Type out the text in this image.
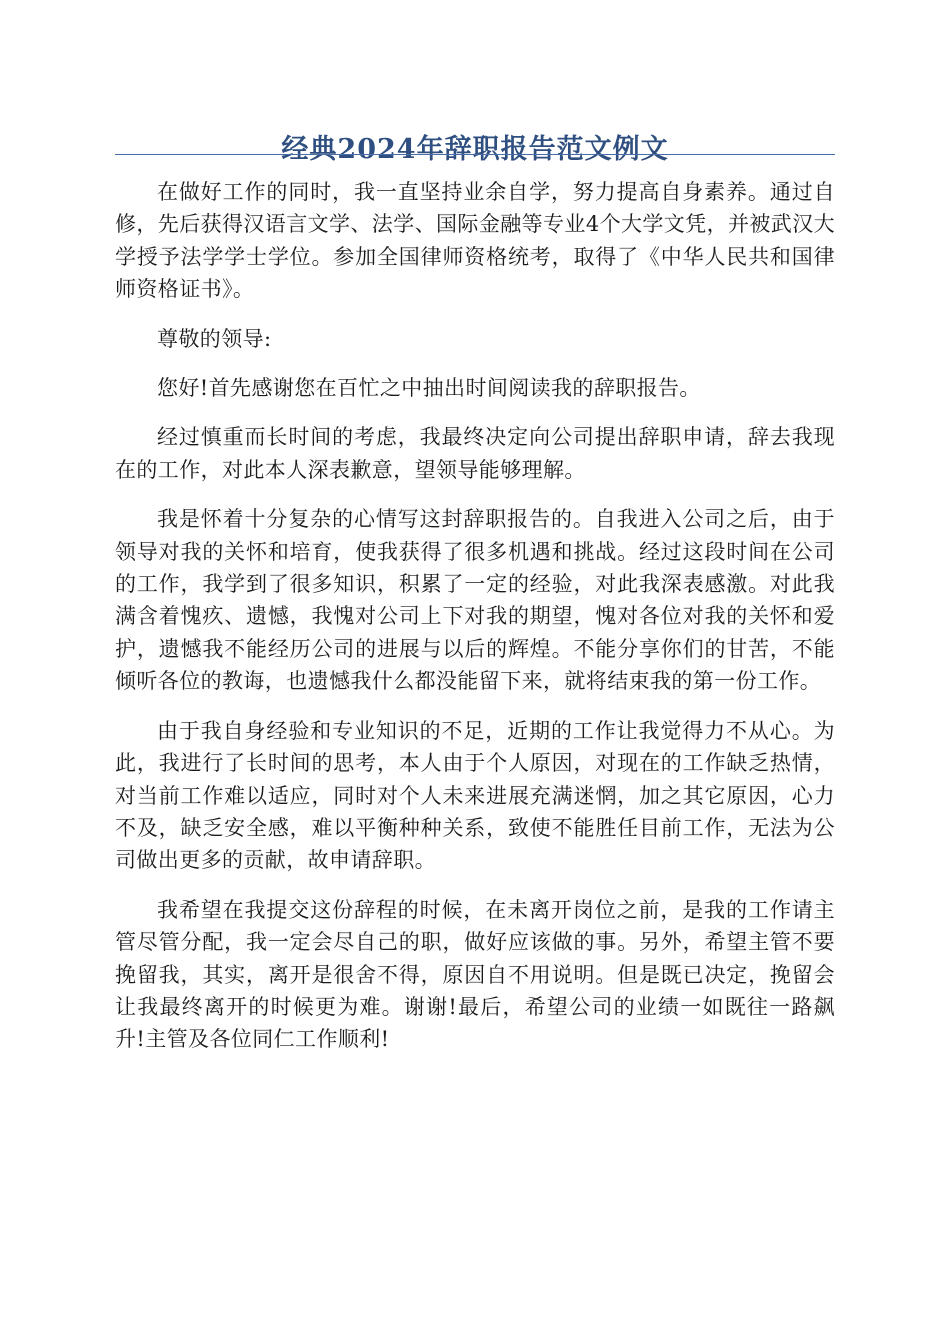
经典2024年辞职报告范文例文

在做好工作的同时，我一直坚持业余自学，努力提高自身素养。通过自修，先后获得汉语言文学、法学、国际金融等专业4个大学文凭，并被武汉大学授予法学学士学位。参加全国律师资格统考，取得了《中华人民共和国律师资格证书》。

尊敬的领导:

您好!首先感谢您在百忙之中抽出时间阅读我的辞职报告。

经过慎重而长时间的考虑，我最终决定向公司提出辞职申请，辞去我现在的工作，对此本人深表歉意，望领导能够理解。

我是怀着十分复杂的心情写这封辞职报告的。自我进入公司之后，由于领导对我的关怀和培育，使我获得了很多机遇和挑战。经过这段时间在公司的工作，我学到了很多知识，积累了一定的经验，对此我深表感激。对此我满含着愧疚、遗憾，我愧对公司上下对我的期望，愧对各位对我的关怀和爱护，遗憾我不能经历公司的进展与以后的辉煌。不能分享你们的甘苦，不能倾听各位的教诲，也遗憾我什么都没能留下来，就将结束我的第一份工作。

由于我自身经验和专业知识的不足，近期的工作让我觉得力不从心。为此，我进行了长时间的思考，本人由于个人原因，对现在的工作缺乏热情，对当前工作难以适应，同时对个人未来进展充满迷惘，加之其它原因，心力不及，缺乏安全感，难以平衡种种关系，致使不能胜任目前工作，无法为公司做出更多的贡献，故申请辞职。

我希望在我提交这份辞程的时候，在未离开岗位之前，是我的工作请主管尽管分配，我一定会尽自己的职，做好应该做的事。另外，希望主管不要挽留我，其实，离开是很舍不得，原因自不用说明。但是既已决定，挽留会让我最终离开的时候更为难。谢谢!最后，希望公司的业绩一如既往一路飙升!主管及各位同仁工作顺利!
